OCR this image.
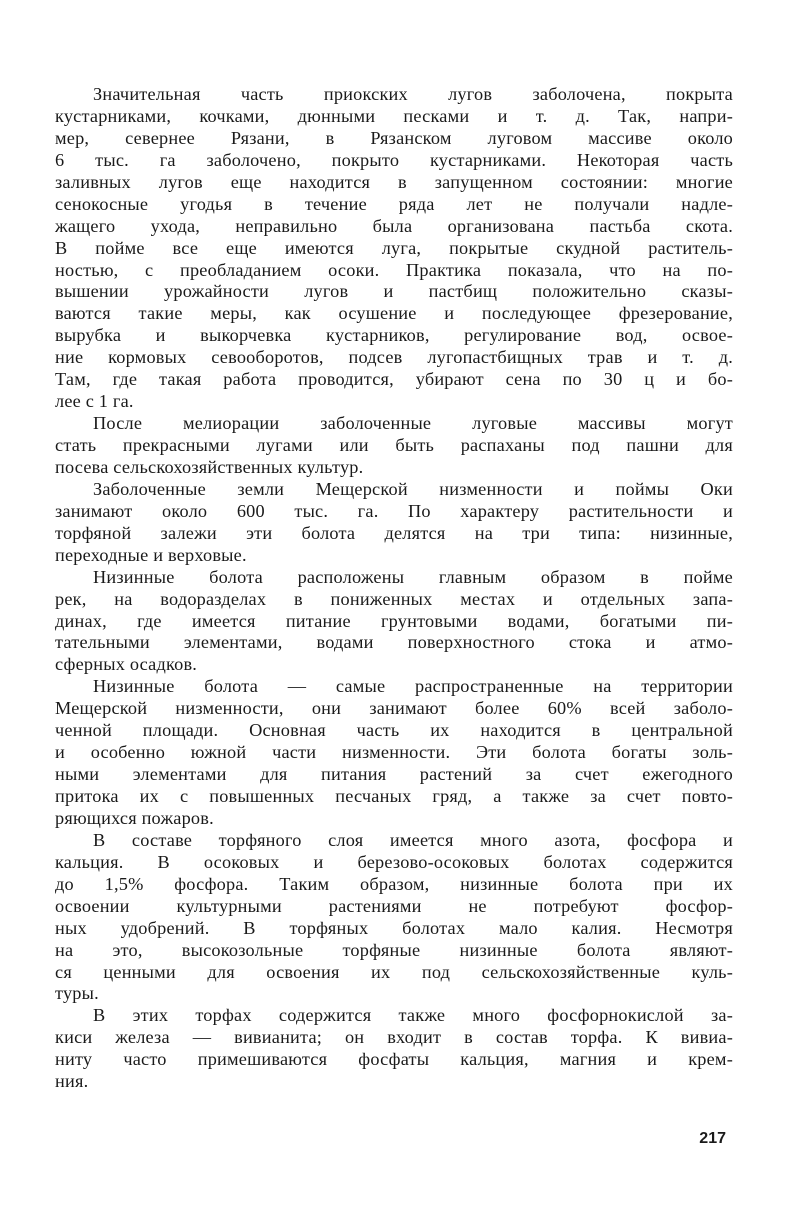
Значительная часть приокских лугов заболочена, покрыта
кустарниками, кочками, дюнными песками и т. д. Так, напри-
мер, севернее Рязани, в Рязанском луговом массиве около
6 тыс. га заболочено, покрыто кустарниками. Некоторая часть
заливных лугов еще находится в запущенном состоянии: многие
сенокосные угодья в течение ряда лет не получали надле-
жащего ухода, неправильно была организована пастьба скота.
В пойме все еще имеются луга, покрытые скудной раститель-
ностью, с преобладанием осоки. Практика показала, что на по-
вышении урожайности лугов и пастбищ положительно сказы-
ваются такие меры, как осушение и последующее фрезерование,
вырубка и выкорчевка кустарников, регулирование вод, освое-
ние кормовых севооборотов, подсев лугопастбищных трав и т. д.
Там, где такая работа проводится, убирают сена по 30 ц и бо-
лее с 1 га.
После мелиорации заболоченные луговые массивы могут
стать прекрасными лугами или быть распаханы под пашни для
посева сельскохозяйственных культур.
Заболоченные земли Мещерской низменности и поймы Оки
занимают около 600 тыс. га. По характеру растительности и
торфяной залежи эти болота делятся на три типа: низинные,
переходные и верховые.
Низинные болота расположены главным образом в пойме
рек, на водоразделах в пониженных местах и отдельных запа-
динах, где имеется питание грунтовыми водами, богатыми пи-
тательными элементами, водами поверхностного стока и атмо-
сферных осадков.
Низинные болота — самые распространенные на территории
Мещерской низменности, они занимают более 60% всей заболо-
ченной площади. Основная часть их находится в центральной
и особенно южной части низменности. Эти болота богаты золь-
ными элементами для питания растений за счет ежегодного
притока их с повышенных песчаных гряд, а также за счет повто-
ряющихся пожаров.
В составе торфяного слоя имеется много азота, фосфора и
кальция. В осоковых и березово-осоковых болотах содержится
до 1,5% фосфора. Таким образом, низинные болота при их
освоении культурными растениями не потребуют фосфор-
ных удобрений. В торфяных болотах мало калия. Несмотря
на это, высокозольные торфяные низинные болота являют-
ся ценными для освоения их под сельскохозяйственные куль-
туры.
В этих торфах содержится также много фосфорнокислой за-
киси железа — вивианита; он входит в состав торфа. К вивиа-
ниту часто примешиваются фосфаты кальция, магния и крем-
ния.
217
